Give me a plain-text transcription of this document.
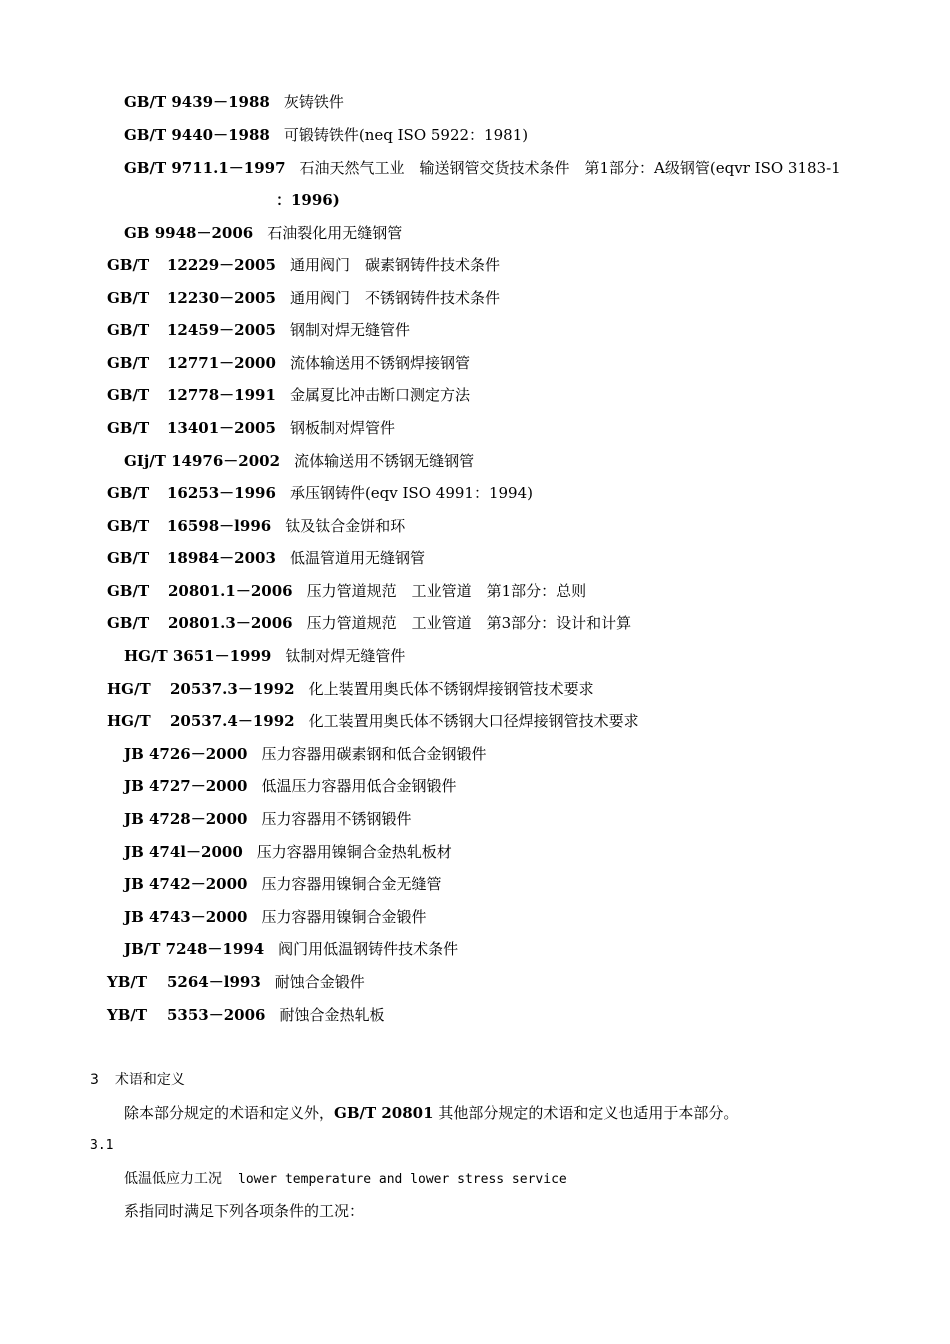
GB/T 9439－1988 灰铸铁件
GB/T 9440－1988 可锻铸铁件(neq ISO 5922：1981)
GB/T 9711.1－1997 石油天然气工业　输送钢管交货技术条件　第1部分：A级钢管(eqvr ISO 3183-1
：1996)
GB 9948－2006 石油裂化用无缝钢管
GB/T 12229－2005 通用阀门　碳素钢铸件技术条件
GB/T 12230－2005 通用阀门　不锈钢铸件技术条件
GB/T 12459－2005 钢制对焊无缝管件
GB/T 12771－2000 流体输送用不锈钢焊接钢管
GB/T 12778－1991 金属夏比冲击断口测定方法
GB/T 13401－2005 钢板制对焊管件
GIj/T 14976－2002 流体输送用不锈钢无缝钢管
GB/T 16253－1996 承压钢铸件(eqv ISO 4991：1994)
GB/T 16598－l996 钛及钛合金饼和环
GB/T 18984－2003 低温管道用无缝钢管
GB/T 20801.1－2006 压力管道规范　工业管道　第1部分：总则
GB/T 20801.3－2006 压力管道规范　工业管道　第3部分：设计和计算
HG/T 3651－1999 钛制对焊无缝管件
HG/T 20537.3－1992 化上装置用奥氏体不锈钢焊接钢管技术要求
HG/T 20537.4－1992 化工装置用奥氏体不锈钢大口径焊接钢管技术要求
JB 4726－2000 压力容器用碳素钢和低合金钢锻件
JB 4727－2000 低温压力容器用低合金钢锻件
JB 4728－2000 压力容器用不锈钢锻件
JB 474l－2000 压力容器用镍铜合金热轧板材
JB 4742－2000 压力容器用镍铜合金无缝管
JB 4743－2000 压力容器用镍铜合金锻件
JB/T 7248－1994 阀门用低温钢铸件技术条件
YB/T 5264－l993 耐蚀合金锻件
YB/T 5353－2006 耐蚀合金热轧板
3 术语和定义
除本部分规定的术语和定义外，GB/T 20801 其他部分规定的术语和定义也适用于本部分。
3.1
低温低应力工况 lower temperature and lower stress service
系指同时满足下列各项条件的工况：
